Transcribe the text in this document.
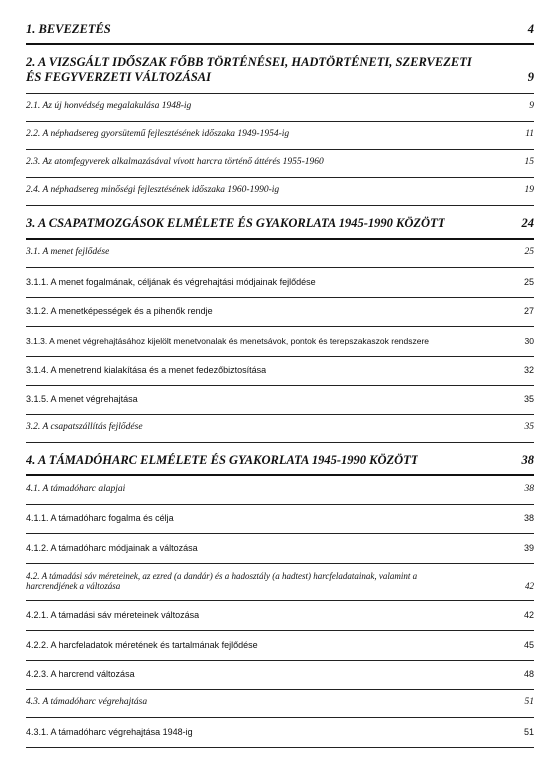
1. BEVEZETÉS	4
2. A VIZSGÁLT IDŐSZAK FŐBB TÖRTÉNÉSEI, HADTÖRTÉNETI, SZERVEZETI
ÉS FEGYVERZETI VÁLTOZÁSAI	9
2.1. Az új honvédség megalakulása 1948-ig	9
2.2. A néphadsereg gyorsütemű fejlesztésének időszaka 1949-1954-ig	11
2.3. Az atomfegyverek alkalmazásával vívott harcra történő áttérés 1955-1960	15
2.4. A néphadsereg minőségi fejlesztésének időszaka 1960-1990-ig	19
3. A CSAPATMOZGÁSOK ELMÉLETE ÉS GYAKORLATA 1945-1990 KÖZÖTT	24
3.1. A menet fejlődése	25
3.1.1. A menet fogalmának, céljának és végrehajtási módjainak fejlődése	25
3.1.2. A menetképességek és a pihenők rendje	27
3.1.3. A menet végrehajtásához kijelölt menetvonalak és menetsávok, pontok és terepszakaszok rendszere	30
3.1.4. A menetrend kialakítása és a menet fedezőbiztosítása	32
3.1.5. A menet végrehajtása	35
3.2. A csapatszállítás fejlődése	35
4. A TÁMADÓHARC ELMÉLETE ÉS GYAKORLATA 1945-1990 KÖZÖTT	38
4.1. A támadóharc alapjai	38
4.1.1. A támadóharc fogalma és célja	38
4.1.2. A támadóharc módjainak a változása	39
4.2. A támadási sáv méreteinek, az ezred (a dandár) és a hadosztály (a hadtest) harcfeladatainak, valamint a
harcrendjének a változása	42
4.2.1. A támadási sáv méreteinek változása	42
4.2.2. A harcfeladatok méretének és tartalmának fejlődése	45
4.2.3. A harcrend változása	48
4.3. A támadóharc végrehajtása	51
4.3.1. A támadóharc végrehajtása 1948-ig	51
